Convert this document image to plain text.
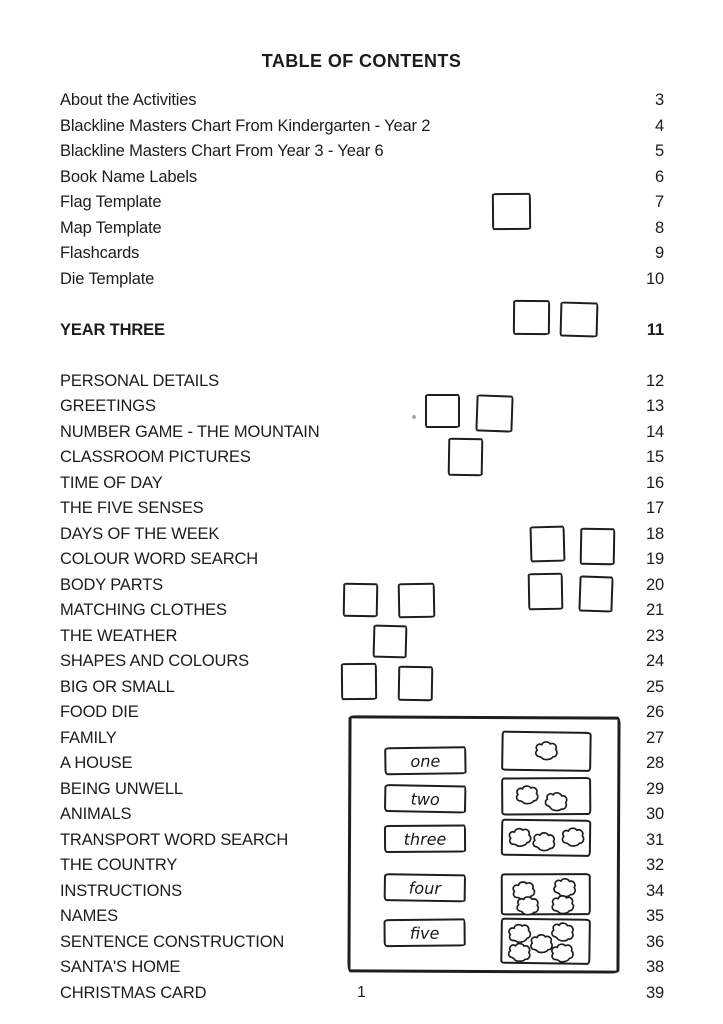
TABLE OF CONTENTS
About the Activities	3
Blackline Masters Chart From Kindergarten - Year 2	4
Blackline Masters Chart From Year 3 - Year 6	5
Book Name Labels	6
Flag Template	7
Map Template	8
Flashcards	9
Die Template	10
YEAR THREE	11
PERSONAL DETAILS	12
GREETINGS	13
NUMBER GAME - THE MOUNTAIN	14
CLASSROOM PICTURES	15
TIME OF DAY	16
THE FIVE SENSES	17
DAYS OF THE WEEK	18
COLOUR WORD SEARCH	19
BODY PARTS	20
MATCHING CLOTHES	21
THE WEATHER	23
SHAPES AND COLOURS	24
BIG OR SMALL	25
FOOD DIE	26
FAMILY	27
A HOUSE	28
BEING UNWELL	29
ANIMALS	30
TRANSPORT WORD SEARCH	31
THE COUNTRY	32
INSTRUCTIONS	34
NAMES	35
SENTENCE CONSTRUCTION	36
SANTA'S HOME	38
CHRISTMAS CARD	39
one
two
three
four
five
1
